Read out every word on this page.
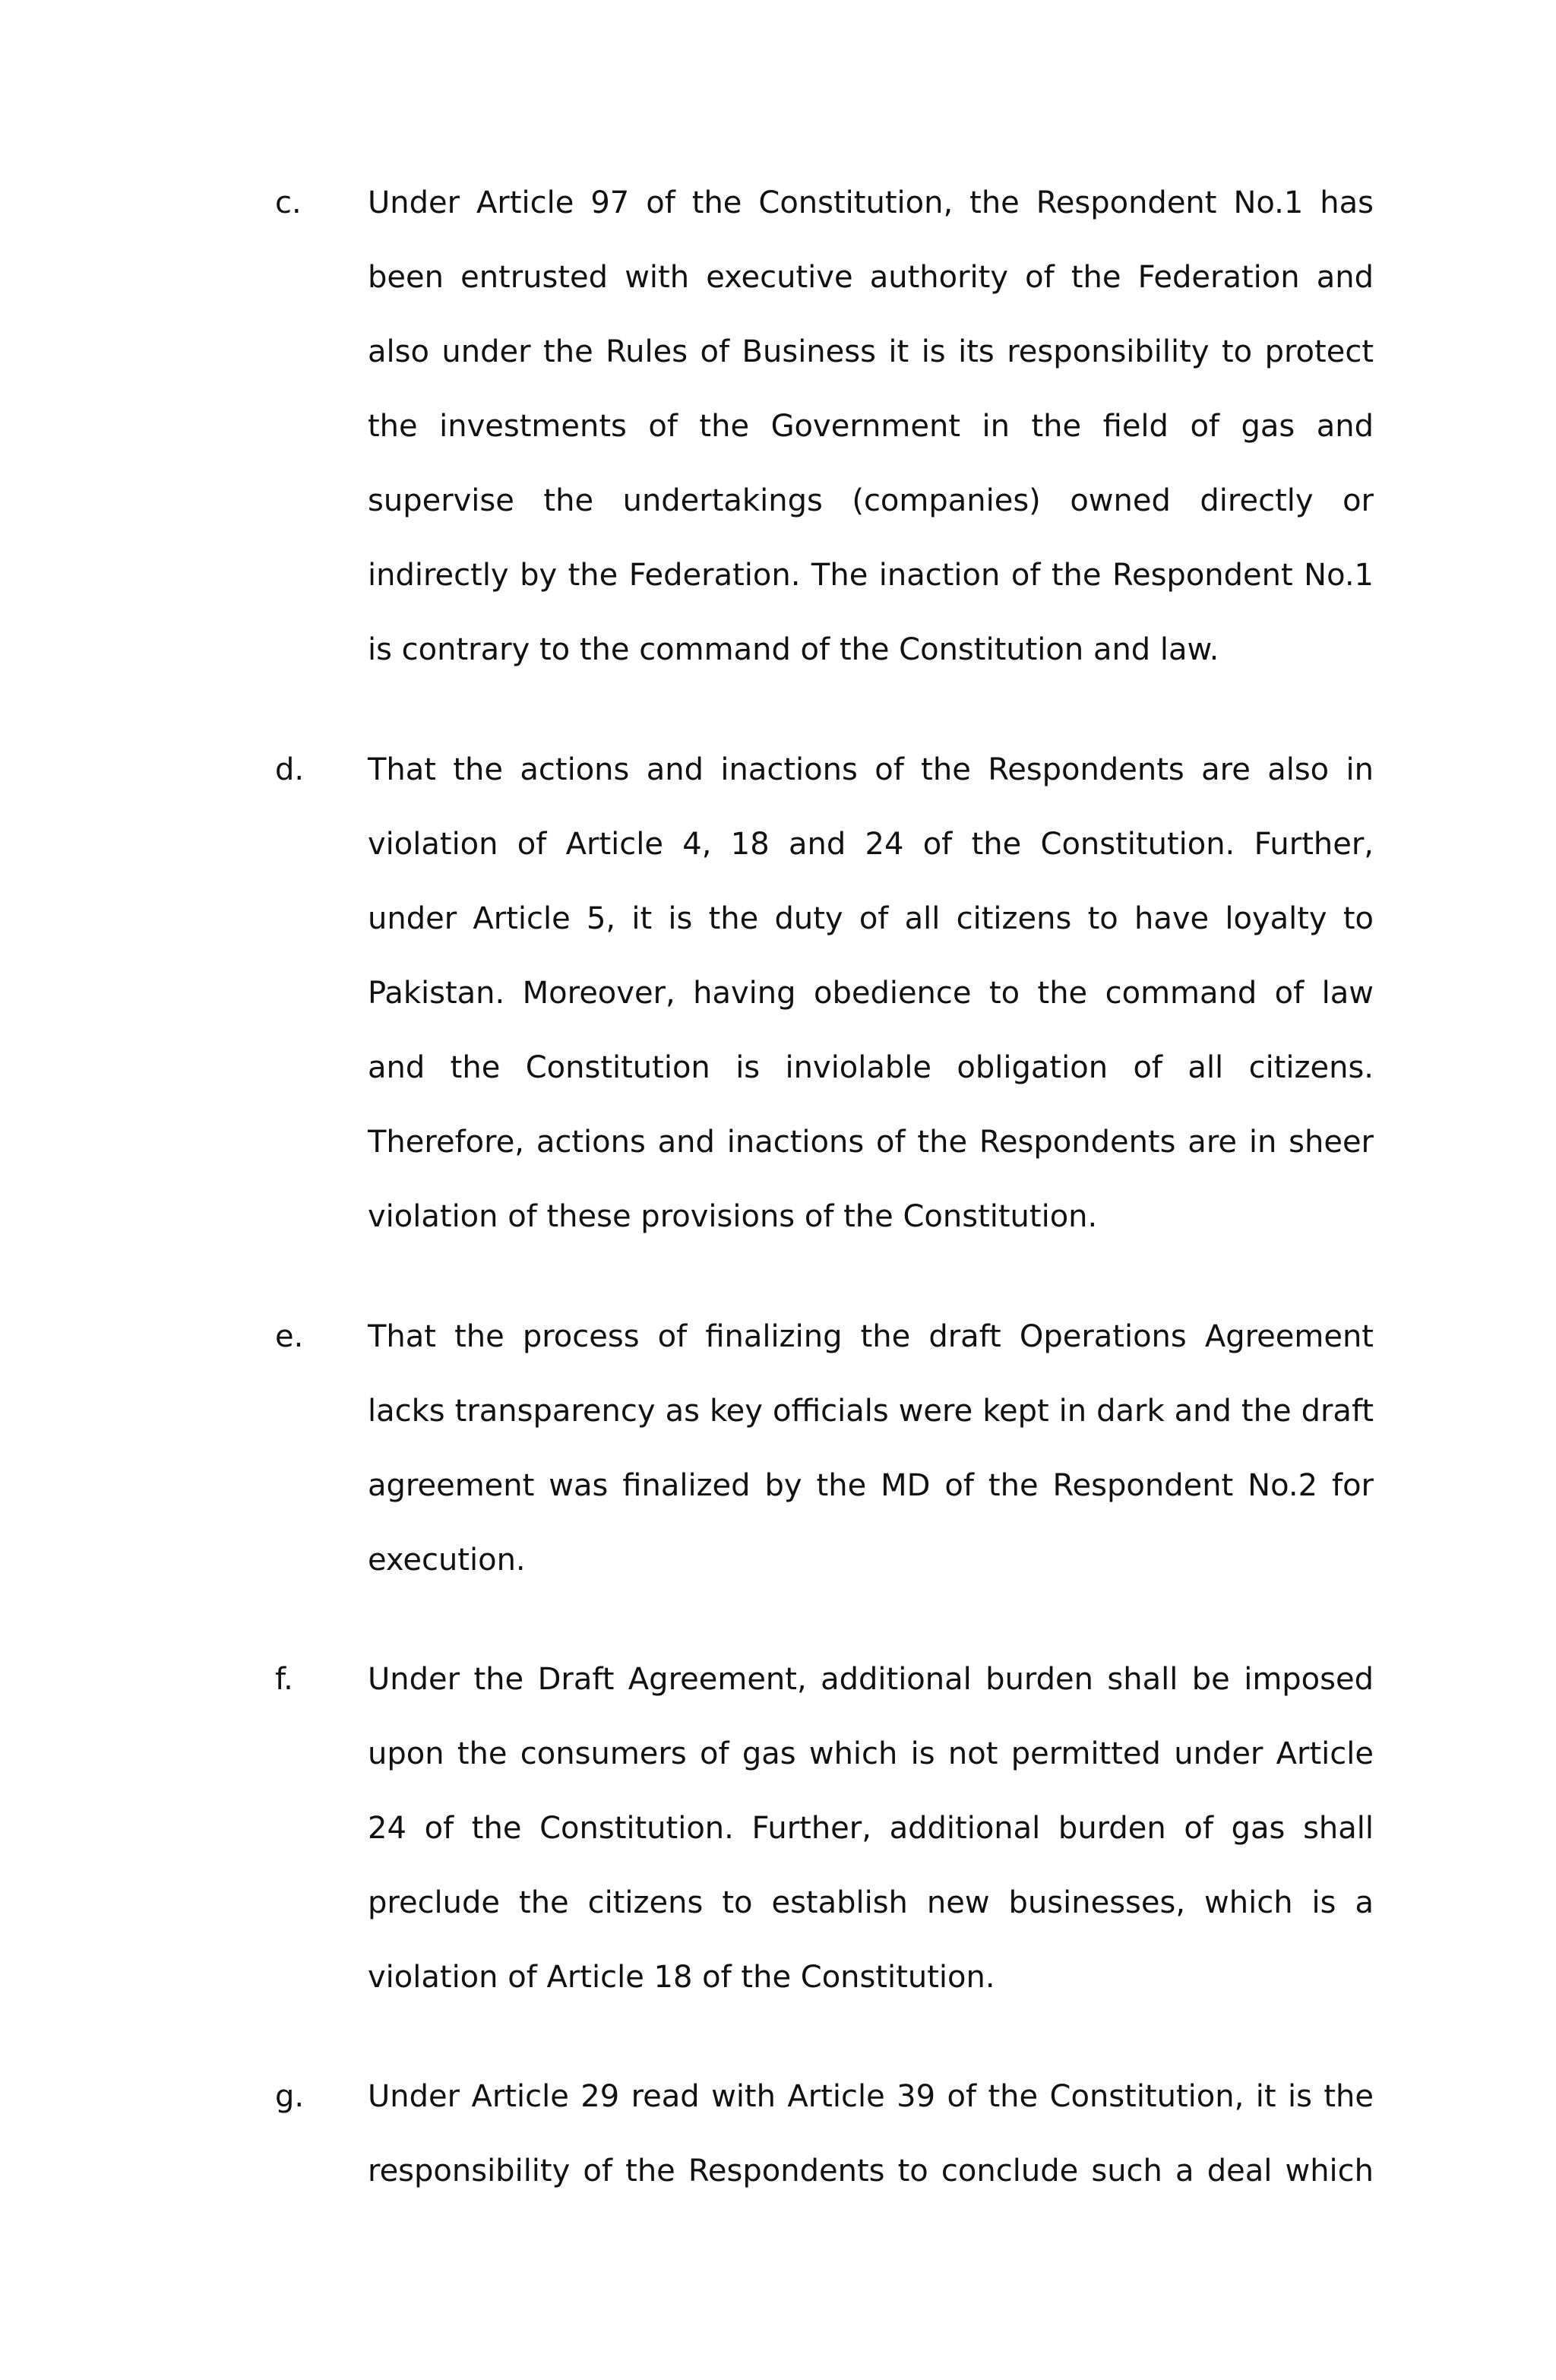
c. Under Article 97 of the Constitution, the Respondent No.1 has been entrusted with executive authority of the Federation and also under the Rules of Business it is its responsibility to protect the investments of the Government in the field of gas and supervise the undertakings (companies) owned directly or indirectly by the Federation. The inaction of the Respondent No.1 is contrary to the command of the Constitution and law.

d. That the actions and inactions of the Respondents are also in violation of Article 4, 18 and 24 of the Constitution. Further, under Article 5, it is the duty of all citizens to have loyalty to Pakistan. Moreover, having obedience to the command of law and the Constitution is inviolable obligation of all citizens. Therefore, actions and inactions of the Respondents are in sheer violation of these provisions of the Constitution.

e. That the process of finalizing the draft Operations Agreement lacks transparency as key officials were kept in dark and the draft agreement was finalized by the MD of the Respondent No.2 for execution.

f. Under the Draft Agreement, additional burden shall be imposed upon the consumers of gas which is not permitted under Article 24 of the Constitution. Further, additional burden of gas shall preclude the citizens to establish new businesses, which is a violation of Article 18 of the Constitution.

g. Under Article 29 read with Article 39 of the Constitution, it is the responsibility of the Respondents to conclude such a deal which
